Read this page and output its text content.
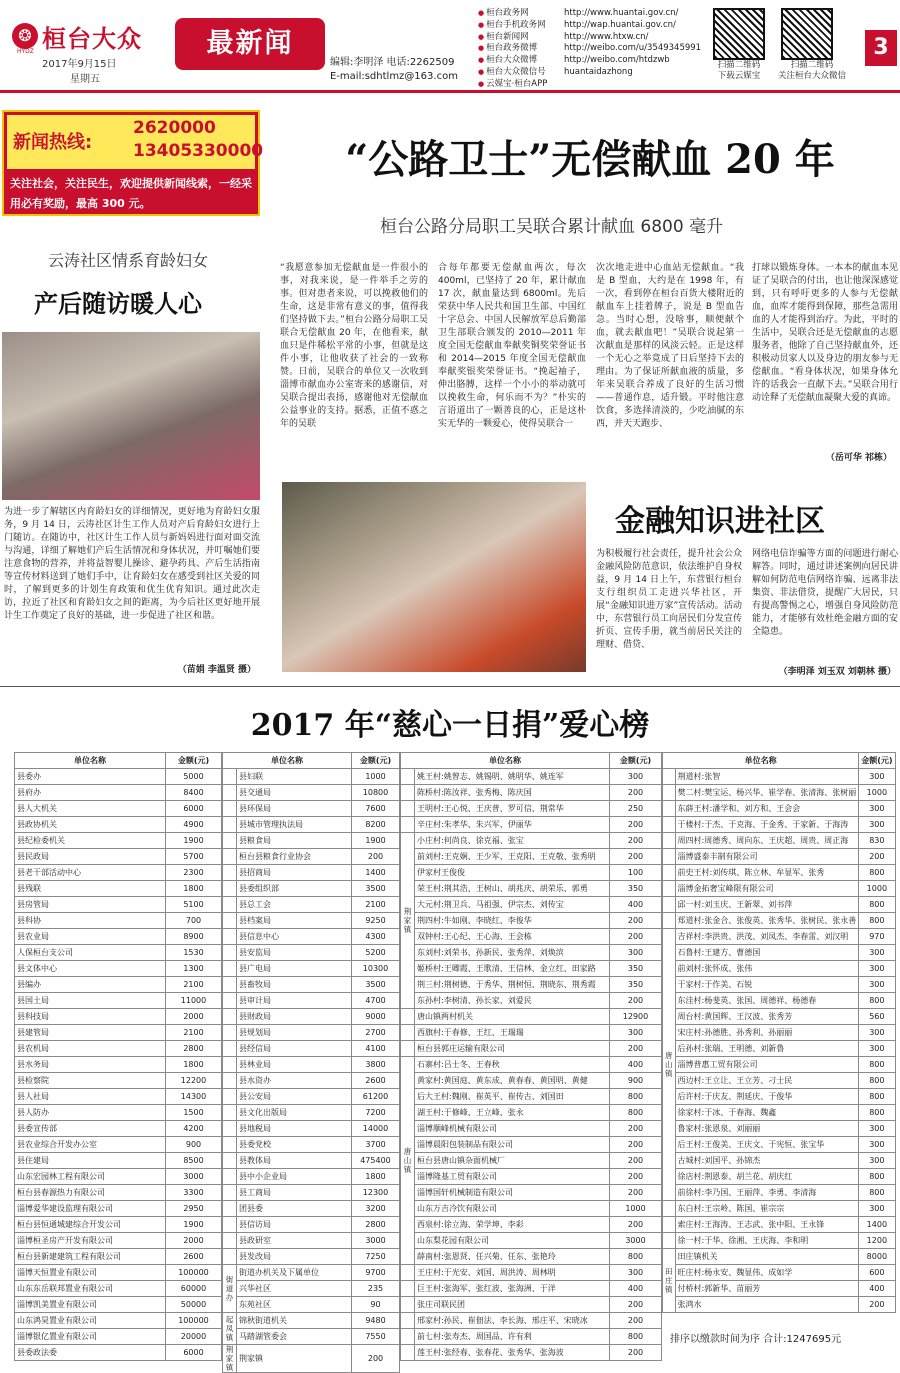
❂ 桓台大众
HYDZ
2017年9月15日
星期五
最新闻
编辑:李明泽 电话:2262509
E-mail:sdhtlmz@163.com
● 桓台政务网	http://www.huantai.gov.cn/
● 桓台手机政务网	http://wap.huantai.gov.cn/
● 桓台新闻网	http://www.htxw.cn/
● 桓台政务微博	http://weibo.com/u/3549345991
● 桓台大众微博	http://weibo.com/htdzwb
● 桓台大众微信号	huantaidazhong
● 云媒宝·桓台APP
扫描二维码
下载云媒宝
扫描二维码
关注桓台大众微信
3
新闻热线:
2620000
13405330000
关注社会，关注民生，欢迎提供新闻线索，一经采用必有奖励，最高 300 元。
“公路卫士”无偿献血 20 年
桓台公路分局职工吴联合累计献血 6800 毫升
“我愿意参加无偿献血是一件很小的事，对我来说，是一件举手之劳的事。但对患者来说，可以挽救他们的生命，这是非常有意义的事，值得我们坚持做下去。”桓台公路分局职工吴联合无偿献血 20 年，在他看来，献血只是件稀松平常的小事，但就是这件小事，让他收获了社会的一致称赞。日前，吴联合的单位又一次收到淄博市献血办公室寄来的感谢信，对吴联合提出表扬，感谢他对无偿献血公益事业的支持。据悉，正值不惑之年的吴联
合每年都要无偿献血两次，每次400ml，已坚持了 20 年，累计献血 17 次，献血量达到 6800ml。先后荣获中华人民共和国卫生部、中国红十字总会、中国人民解放军总后勤部卫生部联合颁发的 2010—2011 年度全国无偿献血奉献奖铜奖荣誉证书和 2014—2015 年度全国无偿献血奉献奖银奖荣誉证书。“挽起袖子，伸出胳膊，这样一个小小的举动就可以挽救生命，何乐而不为？”朴实的言语道出了一颗善良的心，正是这朴实无华的一颗爱心，使得吴联合一
次次地走进中心血站无偿献血。“我是 B 型血，大约是在 1998 年，有一次，看到停在桓台百货大楼附近的献血车上挂着牌子，说是 B 型血告急。当时心想，没啥事，顺便献个血，就去献血吧！”吴联合说起第一次献血是那样的风淡云轻。正是这样一个无心之举竟成了日后坚持下去的理由。为了保证所献血液的质量，多年来吴联合养成了良好的生活习惯——普通作息，适升锻。平时他注意饮食，多选择清淡的，少吃油腻的东西，并天天跑步、
打球以锻炼身体。一本本的献血本见证了吴联合的付出，也让他深深感觉到，只有呼吁更多的人参与无偿献血，血库才能得到保障，那些急需用血的人才能得到治疗。为此，平时的生活中，吴联合还是无偿献血的志愿服务者，他除了自己坚持献血外，还积极动员家人以及身边的朋友参与无偿献血。“看身体状况，如果身体允许的话我会一直献下去。”吴联合用行动诠释了无偿献血凝聚大爱的真谛。
（岳可华 祁栋）
云涛社区情系育龄妇女
产后随访暖人心
为进一步了解辖区内育龄妇女的详细情况，更好地为育龄妇女服务，9 月 14 日，云涛社区计生工作人员对产后育龄妇女进行上门随访。在随访中，社区计生工作人员与新妈妈进行面对面交流与沟通，详细了解她们产后生活情况和身体状况，并叮嘱她们要注意食物的营养，并将益智婴儿操诊、避孕药具、产后生活指南等宣传材料送到了她们手中，让育龄妇女在感受到社区关爱的同时，了解到更多的计划生育政策和优生优育知识。通过此次走访，拉近了社区和育龄妇女之间的距离，为今后社区更好地开展计生工作奠定了良好的基础，进一步促进了社区和谐。
（苗娟 李温贤 摄）
金融知识进社区
为积极履行社会责任，提升社会公众金融风险防范意识，依法维护自身权益，9 月 14 日上午，东营银行桓台支行组织员工走进兴华社区，开展“金融知识进万家”宣传活动。活动中，东营银行员工向居民们分发宣传折页、宣传手册，就当前居民关注的理财、借贷、
网络电信诈骗等方面的问题进行耐心解答。同时，通过讲述案例向居民讲解如何防范电信网络诈骗、远离非法集资、非法借贷，提醒广大居民，只有提高警惕之心，增强自身风险防范能力，才能够有效杜绝金融方面的安全隐患。
（李明泽 刘玉双 刘朝林 摄）
2017 年“慈心一日捐”爱心榜
单位名称	金额(元)
县委办	5000
县府办	8400
县人大机关	6000
县政协机关	4900
县纪检委机关	1900
县民政局	5700
县老干部活动中心	2300
县残联	1800
县房管局	5100
县科协	700
县农业局	8900
人保桓台支公司	1530
县文体中心	1300
县编办	2100
县国土局	11000
县科技局	2000
县建管局	2100
县农机局	2800
县水务局	1800
县检察院	12200
县人社局	14300
县人防办	1500
县委宣传部	4200
县农业综合开发办公室	900
县住建局	8500
山东宏园林工程有限公司	3000
桓台县春源热力有限公司	3300
淄博爱华建设监理有限公司	2950
桓台县恒通城建综合开发公司	1900
淄博桓圣房产开发有限公司	2000
桓台县新建建筑工程有限公司	2600
淄博天恒置业有限公司	100000
山东东岳联邦置业有限公司	60000
淄博凯美置业有限公司	50000
山东鸿昊置业有限公司	100000
淄博银亿置业有限公司	20000
县委政法委	6000
单位名称		金额(元)
	县妇联	1000
	县交通局	10800
	县环保局	7600
	县城市管理执法局	8200
	县粮食局	1900
	桓台县粮食行业协会	200
	县招商局	1400
	县委组织部	3500
	县总工会	2100
	县档案局	9250
	县信息中心	4300
	县安监局	5200
	县广电局	10300
	县畜牧局	3500
	县审计局	4700
	县财政局	9000
	县规划局	2700
	县经信局	4100
	县林业局	3800
	县水资办	2600
	县公安局	61200
	县文化出版局	7200
	县地税局	14000
	县委党校	3700
	县教体局	475400
	县中小企业局	1800
	县工商局	12300
	团县委	3200
	县信访局	2800
	县政研室	3000
	县发改局	7250
街道办	街道办机关及下属单位	9700
	兴华社区	235
	东苑社区	90
起凤镇	锦秋街道机关	9480
	马踏湖管委会	7550
荆家镇	荆家镇	200
单位名称		金额(元)
	姚王村:姚曾志、姚锡明、姚明华、姚连军	300
	陈桥村:陈汝祥、张秀梅、陈庆国	200
	王明村:王心悦、王庆普、罗可信、荆常华	250
	辛庄村:朱孝华、朱兴军、伊丽华	200
荆家镇	小庄村:何尚良、徐克福、张宝	200
	前刘村:王克娴、王少军、王克阳、王克敬、张秀明	200
	伊家村王俊俊	100
	荣王村:荆其浩、王树山、胡兆庆、胡荣乐、郭勇	350
	大元村:荆卫兵、马祖强、伊宗杰、刘传宝	400
	荆四村:牛如刚、李晓红、李俊华	200
	双钟村:王心纪、王心海、王会栋	200
	东刘村:刘荣书、孙新民、张秀萍、刘焕滨	300
	姬桥村:王卿霞、王歌清、王信林、金立红、田家路	350
	荆三村:荆树德、于秀华、荆树恒、荆晓东、荆秀霞	350
	东孙村:李树清、孙长家、刘爱民	200
	唐山镇两村机关	12900
	西旗村:于春修、王红、王瑞瑞	300
	桓台县郭庄运输有限公司	200
唐山镇	石寨村:吕士冬、王春秋	400
	黄家村:黄国庭、黄东成、黄春春、黄国明、黄健	900
	后大王村:魏刚、崔英平、崔传古、刘国田	800
	湖王村:于修峰、王立峰、张永	800
	淄博顺峰机械有限公司	200
	淄博晨阳包装制品有限公司	200
	桓台县唐山镇杂面机械厂	200
	淄博隆基工贸有限公司	200
	淄博国轩机械制造有限公司	200
	山东万吉冷饮有限公司	1000
	西泉村:徐立海、荣学坤、李彩	200
	山东梨花园有限公司	3000
	薛南村:张恩贤、任兴菊、任东、张艳玲	800
	王庄村:于光安、刘国、周洪涛、周林明	300
	巨王村:张海军、张红波、张海洲、于洋	400
	张庄司联民团	200
	邢家村:孙民、崔佃法、李长海、邢庄平、宋晓冰	200
	前七村:张寿杰、周国品、许有利	800
	莲王村:张经春、张春花、张秀华、张海波	200
单位名称		金额(元)
	荆道村:张智	300
	樊二村:樊宝运、杨兴华、崔学春、张清海、张树丽	1000
	东薛王村:潘学和、刘方和、王会会	300
	于楼村:于杰、于克海、于金秀、于家新、于海涛	300
	周四村:周德秀、周向东、王庆超、周贵、周正海	830
	淄博盛泰丰制有限公司	200
	前史王村:刘传琪、陈立林、牟显军、张秀	800
	淄博金拓奢宝峰限有限公司	1000
	邱一村:刘玉庆、王新翠、刘书萍	800
	郑道村:张金合、张俊英、张秀华、张树民、张永善	800
唐山镇	吉祥村:李洪贵、洪茂、刘凤杰、李春雷、刘汉明	970
	石鲁村:王建方、曹德国	300
	前刘村:张怀成、张伟	300
	于家村:于作美、石锐	300
	东洼村:杨斐英、张国、周德祥、杨德春	800
	周台村:黄国辉、王汉波、张秀芳	560
	宋庄村:孙德胜、孙秀利、孙丽丽	300
	后孙村:张瑞、王明德、刘新鲁	300
	淄博普惠工贸有限公司	800
	西边村:王立让、王立芳、刁士民	800
	后许村:于庆友、荆延庆、于俊华	800
	徐家村:于冰、于春海、魏鑫	800
	鲁家村:张恩泉、刘丽丽	300
	后王村:王俊美、王庆文、于宪恒、张宝华	300
	古城村:刘国平、孙锦杰	300
	徐店村:荆恩泰、胡兰花、胡庆红	800
	前徐村:李乃国、王丽萍、李勇、李清海	800
	东白村:王宗岭、陈国、崔宗宗	300
	索庄村:王海涛、王志武、张中阳、王永锋	1400
	徐一村:于华、徐湘、王庆海、李和明	1200
田庄镇	田庄镇机关	8000
	旺庄村:杨永安、魏显伟、成如学	600
	付桥村:郭新华、苗丽芳	400
	张鸿水	200
排序以缴款时间为序 合计:1247695元
